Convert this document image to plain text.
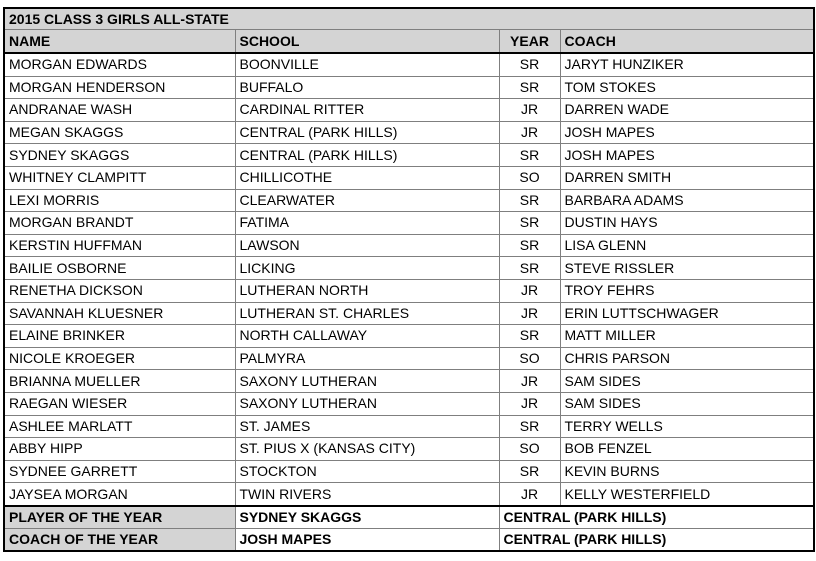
2015 CLASS 3 GIRLS ALL-STATE			
NAME	SCHOOL	YEAR	COACH
MORGAN EDWARDS	BOONVILLE	SR	JARYT HUNZIKER
MORGAN HENDERSON	BUFFALO	SR	TOM STOKES
ANDRANAE WASH	CARDINAL RITTER	JR	DARREN WADE
MEGAN SKAGGS	CENTRAL (PARK HILLS)	JR	JOSH MAPES
SYDNEY SKAGGS	CENTRAL (PARK HILLS)	SR	JOSH MAPES
WHITNEY CLAMPITT	CHILLICOTHE	SO	DARREN SMITH
LEXI MORRIS	CLEARWATER	SR	BARBARA ADAMS
MORGAN BRANDT	FATIMA	SR	DUSTIN HAYS
KERSTIN HUFFMAN	LAWSON	SR	LISA GLENN
BAILIE OSBORNE	LICKING	SR	STEVE RISSLER
RENETHA DICKSON	LUTHERAN NORTH	JR	TROY FEHRS
SAVANNAH KLUESNER	LUTHERAN ST. CHARLES	JR	ERIN LUTTSCHWAGER
ELAINE BRINKER	NORTH CALLAWAY	SR	MATT MILLER
NICOLE KROEGER	PALMYRA	SO	CHRIS PARSON
BRIANNA MUELLER	SAXONY LUTHERAN	JR	SAM SIDES
RAEGAN WIESER	SAXONY LUTHERAN	JR	SAM SIDES
ASHLEE MARLATT	ST. JAMES	SR	TERRY WELLS
ABBY HIPP	ST. PIUS X (KANSAS CITY)	SO	BOB FENZEL
SYDNEE GARRETT	STOCKTON	SR	KEVIN BURNS
JAYSEA MORGAN	TWIN RIVERS	JR	KELLY WESTERFIELD
PLAYER OF THE YEAR	SYDNEY SKAGGS	CENTRAL (PARK HILLS)	
COACH OF THE YEAR	JOSH MAPES	CENTRAL (PARK HILLS)	
